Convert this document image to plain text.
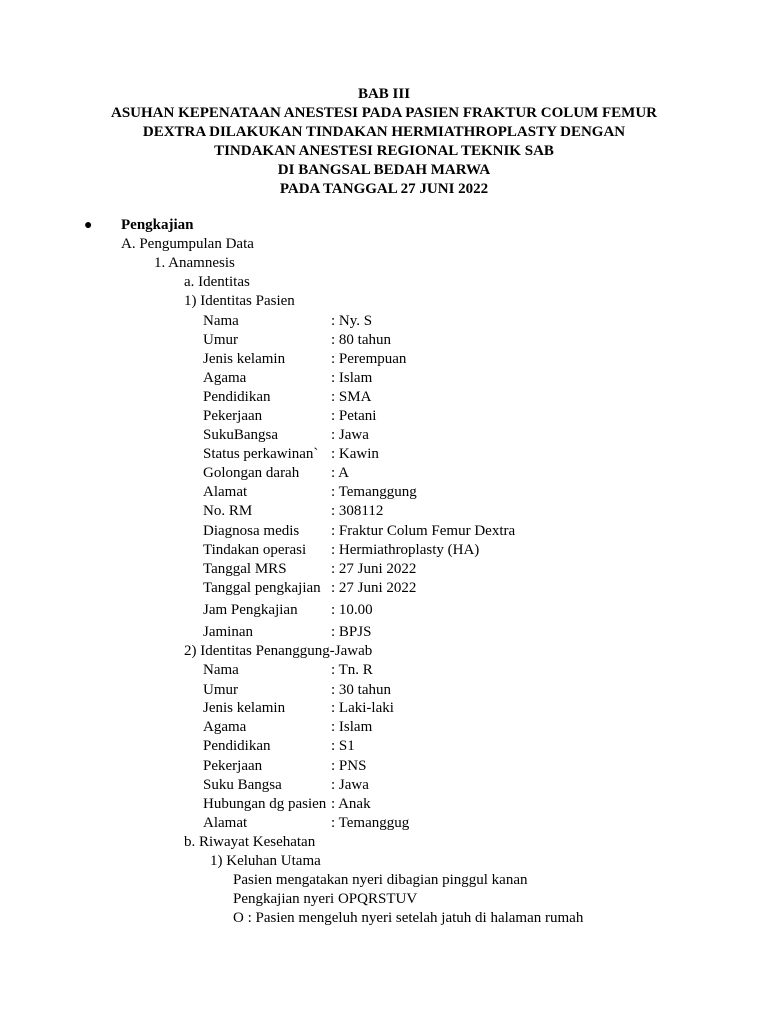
BAB III
ASUHAN KEPENATAAN ANESTESI PADA PASIEN FRAKTUR COLUM FEMUR
DEXTRA DILAKUKAN TINDAKAN HERMIATHROPLASTY DENGAN
TINDAKAN ANESTESI REGIONAL TEKNIK SAB
DI BANGSAL BEDAH MARWA
PADA TANGGAL 27 JUNI 2022
● Pengkajian
A. Pengumpulan Data
1. Anamnesis
a. Identitas
1) Identitas Pasien
Nama	: Ny. S
Umur	: 80 tahun
Jenis kelamin	: Perempuan
Agama	: Islam
Pendidikan	: SMA
Pekerjaan	: Petani
SukuBangsa	: Jawa
Status perkawinan` : Kawin
Golongan darah : A
Alamat	: Temanggung
No. RM	: 308112
Diagnosa medis : Fraktur Colum Femur Dextra
Tindakan operasi : Hermiathroplasty (HA)
Tanggal MRS	: 27 Juni 2022
Tanggal pengkajian : 27 Juni 2022
Jam Pengkajian : 10.00
Jaminan	: BPJS
2) Identitas Penanggung-Jawab
Nama	: Tn. R
Umur	: 30 tahun
Jenis kelamin	: Laki-laki
Agama	: Islam
Pendidikan	: S1
Pekerjaan	: PNS
Suku Bangsa	: Jawa
Hubungan dg pasien : Anak
Alamat	: Temanggug
b. Riwayat Kesehatan
1) Keluhan Utama
Pasien mengatakan nyeri dibagian pinggul kanan
Pengkajian nyeri OPQRSTUV
O : Pasien mengeluh nyeri setelah jatuh di halaman rumah
